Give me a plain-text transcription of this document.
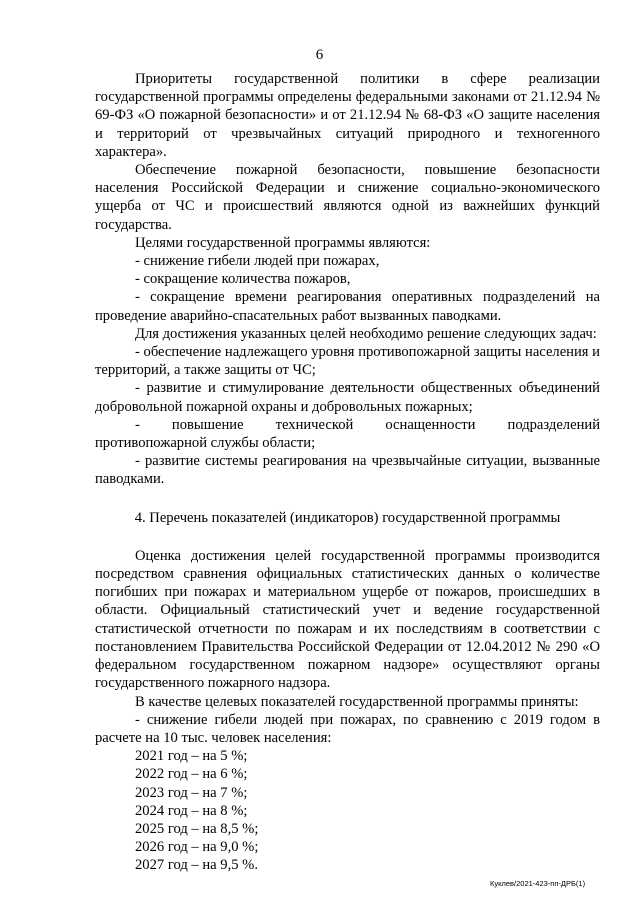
6

Приоритеты государственной политики в сфере реализации государственной программы определены федеральными законами от 21.12.94 № 69-ФЗ «О пожарной безопасности» и от 21.12.94 № 68-ФЗ «О защите населения и территорий от чрезвычайных ситуаций природного и техногенного характера».

Обеспечение пожарной безопасности, повышение безопасности населения Российской Федерации и снижение социально-экономического ущерба от ЧС и происшествий являются одной из важнейших функций государства.

Целями государственной программы являются:

- снижение гибели людей при пожарах,

- сокращение количества пожаров,

- сокращение времени реагирования оперативных подразделений на проведение аварийно-спасательных работ вызванных паводками.

Для достижения указанных целей необходимо решение следующих задач:

- обеспечение надлежащего уровня противопожарной защиты населения и территорий, а также защиты от ЧС;

- развитие и стимулирование деятельности общественных объединений добровольной пожарной охраны и добровольных пожарных;

- повышение технической оснащенности подразделений противопожарной службы области;

- развитие системы реагирования на чрезвычайные ситуации, вызванные паводками.

4. Перечень показателей (индикаторов) государственной программы

Оценка достижения целей государственной программы производится посредством сравнения официальных статистических данных о количестве погибших при пожарах и материальном ущербе от пожаров, происшедших в области. Официальный статистический учет и ведение государственной статистической отчетности по пожарам и их последствиям в соответствии с постановлением Правительства Российской Федерации от 12.04.2012 № 290 «О федеральном государственном пожарном надзоре» осуществляют органы государственного пожарного надзора.

В качестве целевых показателей государственной программы приняты:

- снижение гибели людей при пожарах, по сравнению с 2019 годом в расчете на 10 тыс. человек населения:

2021 год – на 5 %;
2022 год – на 6 %;
2023 год – на 7 %;
2024 год – на 8 %;
2025 год – на 8,5 %;
2026 год – на 9,0 %;
2027 год – на 9,5 %.
Куклев/2021-423-пп-ДРБ(1)
